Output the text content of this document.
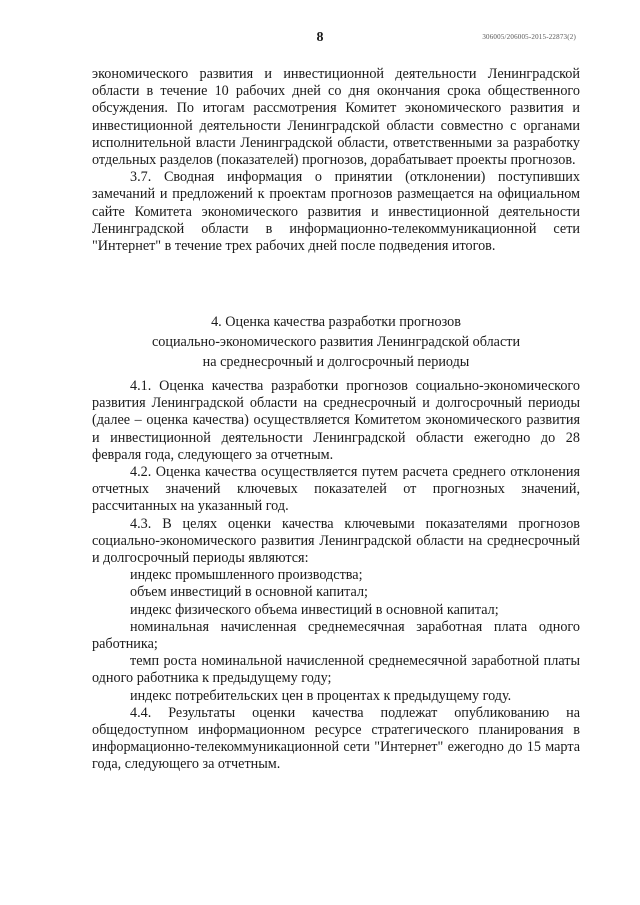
8	306005/206005-2015-22873(2)

экономического развития и инвестиционной деятельности Ленинградской области в течение 10 рабочих дней со дня окончания срока общественного обсуждения. По итогам рассмотрения Комитет экономического развития и инвестиционной деятельности Ленинградской области совместно с органами исполнительной власти Ленинградской области, ответственными за разработку отдельных разделов (показателей) прогнозов, дорабатывает проекты прогнозов.

3.7. Сводная информация о принятии (отклонении) поступивших замечаний и предложений к проектам прогнозов размещается на официальном сайте Комитета экономического развития и инвестиционной деятельности Ленинградской области в информационно-телекоммуникационной сети "Интернет" в течение трех рабочих дней после подведения итогов.

4. Оценка качества разработки прогнозов

социально-экономического развития Ленинградской области

на среднесрочный и долгосрочный периоды

4.1. Оценка качества разработки прогнозов социально-экономического развития Ленинградской области на среднесрочный и долгосрочный периоды (далее – оценка качества) осуществляется Комитетом экономического развития и инвестиционной деятельности Ленинградской области ежегодно до 28 февраля года, следующего за отчетным.

4.2. Оценка качества осуществляется путем расчета среднего отклонения отчетных значений ключевых показателей от прогнозных значений, рассчитанных на указанный год.

4.3. В целях оценки качества ключевыми показателями прогнозов социально-экономического развития Ленинградской области на среднесрочный и долгосрочный периоды являются:

индекс промышленного производства;

объем инвестиций в основной капитал;

индекс физического объема инвестиций в основной капитал;

номинальная начисленная среднемесячная заработная плата одного работника;

темп роста номинальной начисленной среднемесячной заработной платы одного работника к предыдущему году;

индекс потребительских цен в процентах к предыдущему году.

4.4. Результаты оценки качества подлежат опубликованию на общедоступном информационном ресурсе стратегического планирования в информационно-телекоммуникационной сети "Интернет" ежегодно до 15 марта года, следующего за отчетным.
